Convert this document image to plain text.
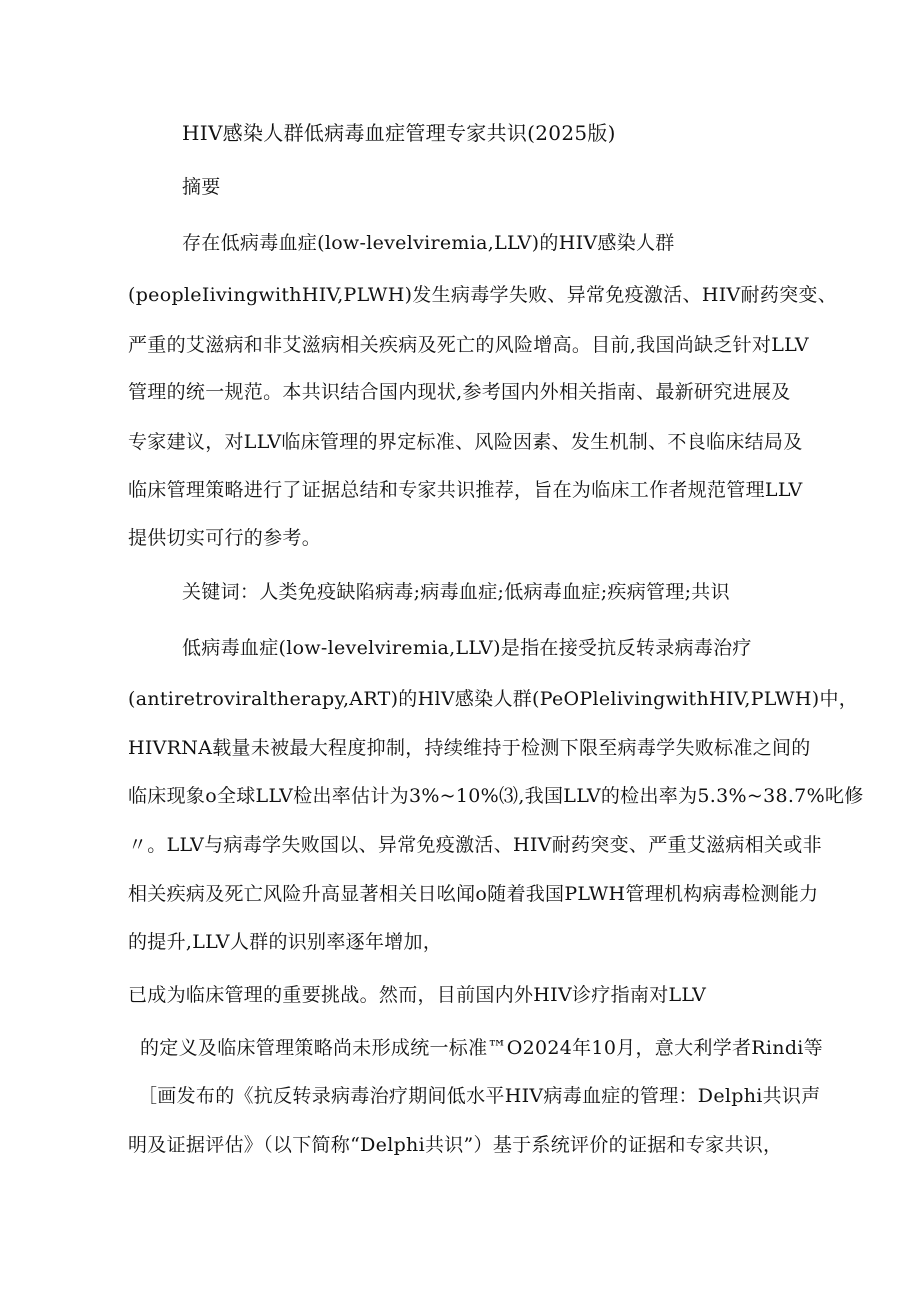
HIV感染人群低病毒血症管理专家共识(2025版)
摘要
存在低病毒血症(low-levelviremia,LLV)的HIV感染人群
(peopleIivingwithHIV,PLWH)发生病毒学失败、异常免疫激活、HIV耐药突变、
严重的艾滋病和非艾滋病相关疾病及死亡的风险增高。目前,我国尚缺乏针对LLV
管理的统一规范。本共识结合国内现状,参考国内外相关指南、最新研究进展及
专家建议，对LLV临床管理的界定标准、风险因素、发生机制、不良临床结局及
临床管理策略进行了证据总结和专家共识推荐，旨在为临床工作者规范管理LLV
提供切实可行的参考。
关键词：人类免疫缺陷病毒;病毒血症;低病毒血症;疾病管理;共识
低病毒血症(low-levelviremia,LLV)是指在接受抗反转录病毒治疗
(antiretroviraltherapy,ART)的HlV感染人群(PeOPlelivingwithHIV,PLWH)中，
HIVRNA载量未被最大程度抑制，持续维持于检测下限至病毒学失败标准之间的
临床现象o全球LLV检出率估计为3%~10%⑶,我国LLV的检出率为5.3%~38.7%叱修
〃。LLV与病毒学失败国以、异常免疫激活、HIV耐药突变、严重艾滋病相关或非
相关疾病及死亡风险升高显著相关日吆闻o随着我国PLWH管理机构病毒检测能力
的提升,LLV人群的识别率逐年增加，
已成为临床管理的重要挑战。然而，目前国内外HIV诊疗指南对LLV
的定义及临床管理策略尚未形成统一标准™O2024年10月，意大利学者Rindi等
［画发布的《抗反转录病毒治疗期间低水平HIV病毒血症的管理：Delphi共识声
明及证据评估》（以下简称“Delphi共识”）基于系统评价的证据和专家共识，
